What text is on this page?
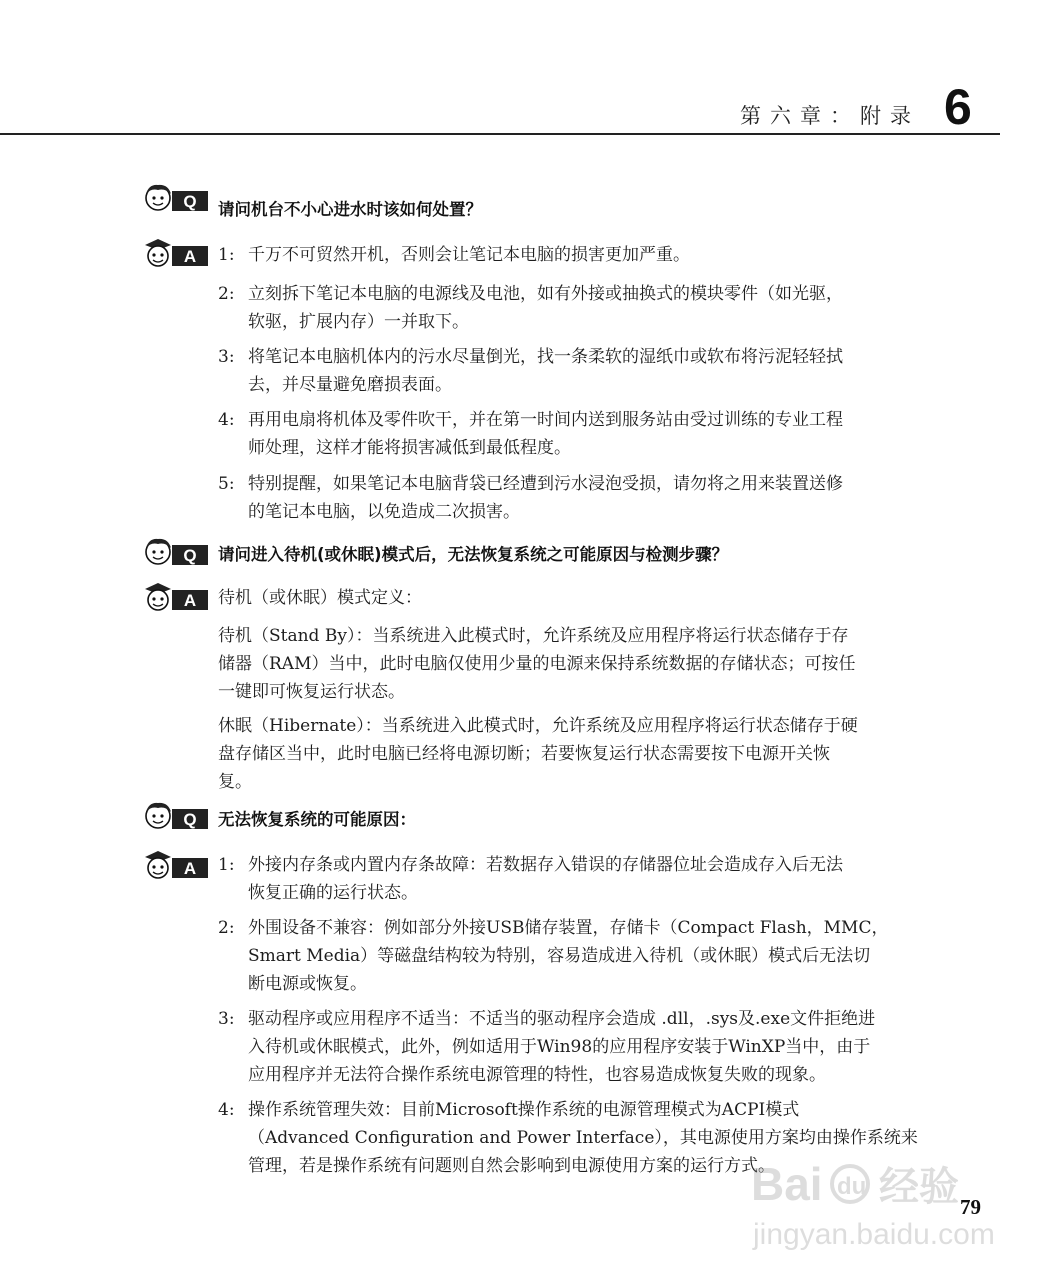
第六章：附录 6
Q 请问机台不小心进水时该如何处置？
A 1: 千万不可贸然开机，否则会让笔记本电脑的损害更加严重。
2: 立刻拆下笔记本电脑的电源线及电池，如有外接或抽换式的模块零件（如光驱，
软驱，扩展内存）一并取下。
3: 将笔记本电脑机体内的污水尽量倒光，找一条柔软的湿纸巾或软布将污泥轻轻拭
去，并尽量避免磨损表面。
4: 再用电扇将机体及零件吹干，并在第一时间内送到服务站由受过训练的专业工程
师处理，这样才能将损害减低到最低程度。
5: 特别提醒，如果笔记本电脑背袋已经遭到污水浸泡受损，请勿将之用来装置送修
的笔记本电脑，以免造成二次损害。
Q 请问进入待机(或休眠)模式后，无法恢复系统之可能原因与检测步骤？
A 待机（或休眠）模式定义：
待机（Stand By）：当系统进入此模式时，允许系统及应用程序将运行状态储存于存
储器（RAM）当中，此时电脑仅使用少量的电源来保持系统数据的存储状态；可按任
一键即可恢复运行状态。
休眠（Hibernate）：当系统进入此模式时，允许系统及应用程序将运行状态储存于硬
盘存储区当中，此时电脑已经将电源切断；若要恢复运行状态需要按下电源开关恢
复。
Q 无法恢复系统的可能原因：
A 1: 外接内存条或内置内存条故障：若数据存入错误的存储器位址会造成存入后无法
恢复正确的运行状态。
2: 外围设备不兼容：例如部分外接USB储存装置，存储卡（Compact Flash，MMC，
Smart Media）等磁盘结构较为特别，容易造成进入待机（或休眠）模式后无法切
断电源或恢复。
3: 驱动程序或应用程序不适当：不适当的驱动程序会造成 .dll，.sys及.exe文件拒绝进
入待机或休眠模式，此外，例如适用于Win98的应用程序安装于WinXP当中，由于
应用程序并无法符合操作系统电源管理的特性，也容易造成恢复失败的现象。
4: 操作系统管理失效：目前Microsoft操作系统的电源管理模式为ACPI模式
（Advanced Configuration and Power Interface），其电源使用方案均由操作系统来
管理，若是操作系统有问题则自然会影响到电源使用方案的运行方式。
79
Bai du 经验
jingyan.baidu.com
